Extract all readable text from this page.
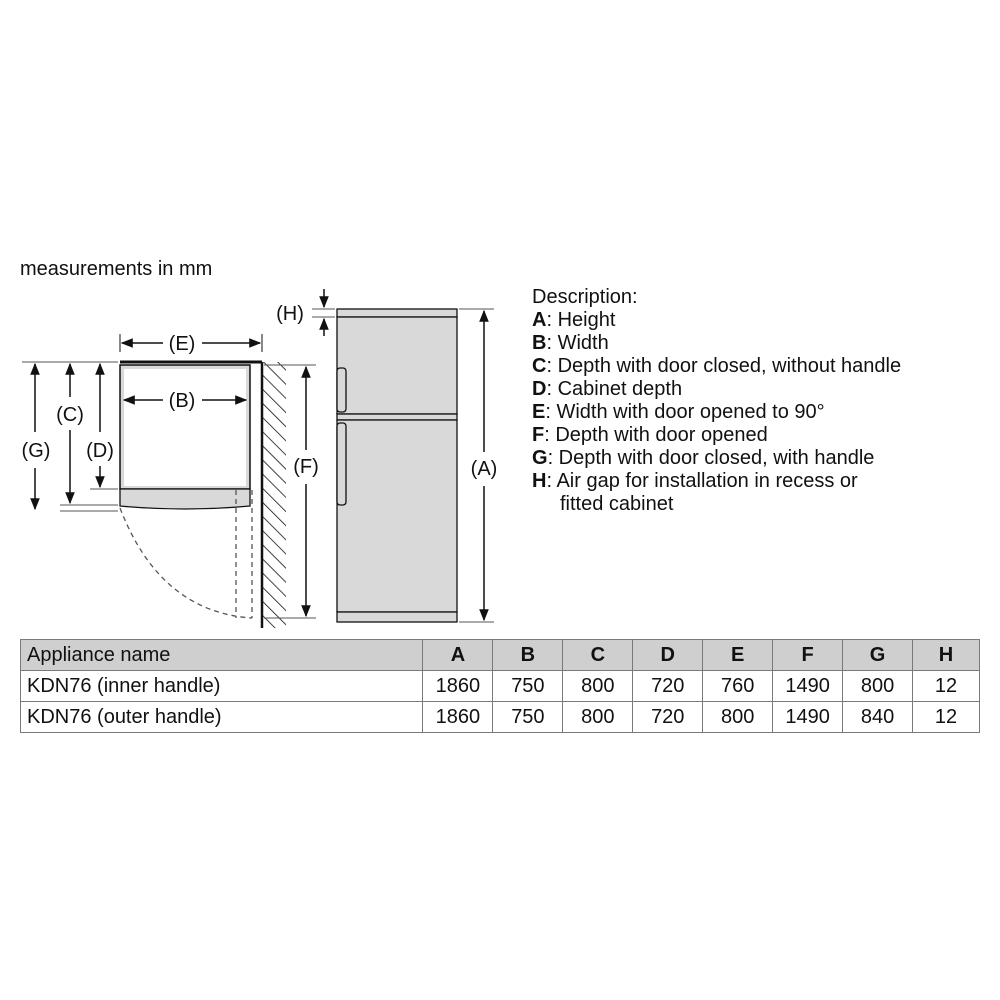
(E)
(B)
(G)
(C)
(D)
(F)
(H)
(A)
measurements in mm
Description:
A : Height
B : Width
C : Depth with door closed, without handle
D : Cabinet depth
E : Width with door opened to 90°
F : Depth with door opened
G : Depth with door closed, with handle
H : Air gap for installation in recess or
fitted cabinet
Appliance name	A	B	C	D	E	F	G	H
KDN76 (inner handle)	1860	750	800	720	760	1490	800	12
KDN76 (outer handle)	1860	750	800	720	800	1490	840	12
